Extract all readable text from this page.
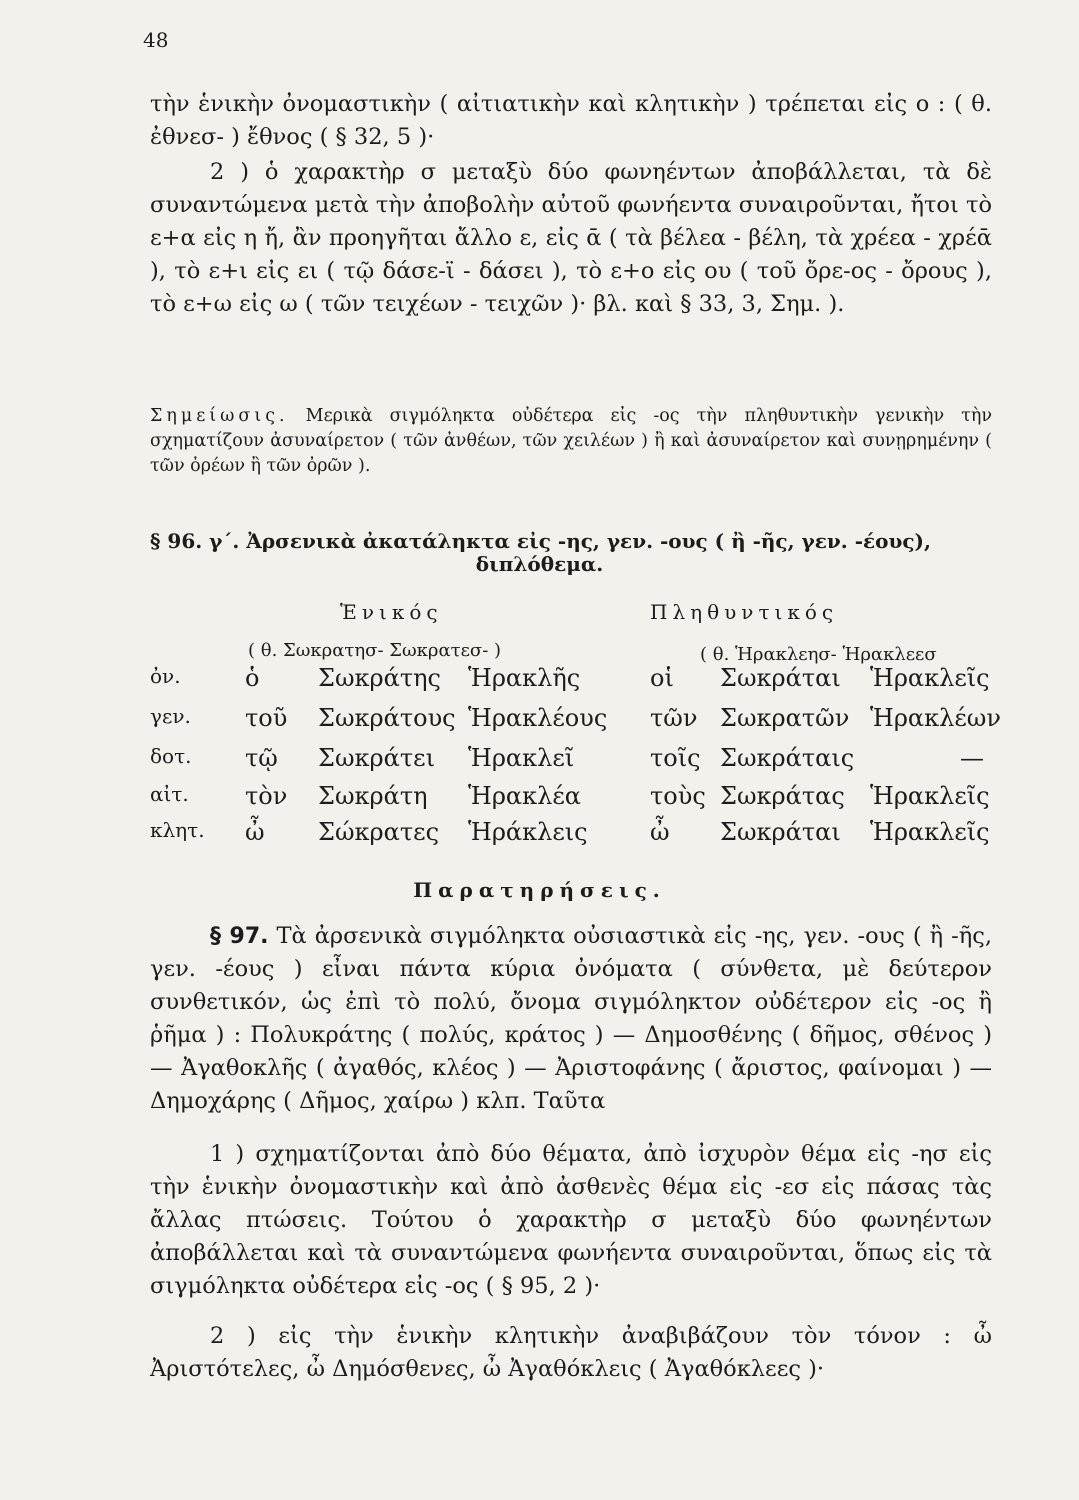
48
τὴν ἑνικὴν ὀνομαστικὴν ( αἰτιατικὴν καὶ κλητικὴν ) τρέπεται εἰς ο : ( θ. ἐθνεσ- ) ἔθνος ( § 32, 5 )·
2 ) ὁ χαρακτὴρ σ μεταξὺ δύο φωνηέντων ἀποβάλλεται, τὰ δὲ συναντώμενα μετὰ τὴν ἀποβολὴν αὐτοῦ φωνήεντα συναιροῦνται, ἤτοι τὸ ε+α εἰς η ἤ, ἂν προηγῆται ἄλλο ε, εἰς ᾱ ( τὰ βέλεα - βέλη, τὰ χρέεα - χρέᾱ ), τὸ ε+ι εἰς ει ( τῷ δάσε-ϊ - δάσει ), τὸ ε+ο εἰς ου ( τοῦ ὄρε-ος - ὄρους ), τὸ ε+ω εἰς ω ( τῶν τειχέων - τειχῶν )· βλ. καὶ § 33, 3, Σημ. ).
Σημείωσις. Μερικὰ σιγμόληκτα οὐδέτερα εἰς -ος τὴν πληθυντικὴν γενικὴν τὴν σχηματίζουν ἀσυναίρετον ( τῶν ἀνθέων, τῶν χειλέων ) ἢ καὶ ἀσυναίρετον καὶ συνῃρημένην ( τῶν ὀρέων ἢ τῶν ὀρῶν ).
§ 96. γ΄. Ἀρσενικὰ ἀκατάληκτα εἰς -ης, γεν. -ους ( ἢ -ῆς, γεν. -έους),
διπλόθεμα.
Ἑνικός	Πληθυντικός
( θ. Σωκρατησ- Σωκρατεσ- )	( θ. Ἡρακλεησ- Ἡρακλεεσ
ὀν.	ὁ Σωκράτης Ἡρακλῆς	οἱ Σωκράται Ἡρακλεῖς
γεν. τοῦ Σωκράτους Ἡρακλέους τῶν Σωκρατῶν Ἡρακλέων
δοτ. τῷ Σωκράτει Ἡρακλεῖ	τοῖς Σωκράταις	—
αἰτ. τὸν Σωκράτη Ἡρακλέα	τοὺς Σωκράτας Ἡρακλεῖς
κλητ. ὦ Σώκρατες Ἡράκλεις	ὦ Σωκράται Ἡρακλεῖς
Παρατηρήσεις.
§ 97. Τὰ ἀρσενικὰ σιγμόληκτα οὐσιαστικὰ εἰς -ης, γεν. -ους ( ἢ -ῆς, γεν. -έους ) εἶναι πάντα κύρια ὀνόματα ( σύνθετα, μὲ δεύτερον συνθετικόν, ὡς ἐπὶ τὸ πολύ, ὄνομα σιγμόληκτον οὐδέτερον εἰς -ος ἢ ῥῆμα ) : Πολυκράτης ( πολύς, κράτος ) — Δημοσθένης ( δῆμος, σθένος ) — Ἀγαθοκλῆς ( ἀγαθός, κλέος ) — Ἀριστοφάνης ( ἄριστος, φαίνομαι ) — Δημοχάρης ( Δῆμος, χαίρω ) κλπ. Ταῦτα
1 ) σχηματίζονται ἀπὸ δύο θέματα, ἀπὸ ἰσχυρὸν θέμα εἰς -ησ εἰς τὴν ἑνικὴν ὀνομαστικὴν καὶ ἀπὸ ἀσθενὲς θέμα εἰς -εσ εἰς πάσας τὰς ἄλλας πτώσεις. Τούτου ὁ χαρακτὴρ σ μεταξὺ δύο φωνηέντων ἀποβάλλεται καὶ τὰ συναντώμενα φωνήεντα συναιροῦνται, ὅπως εἰς τὰ σιγμόληκτα οὐδέτερα εἰς -ος ( § 95, 2 )·
2 ) εἰς τὴν ἑνικὴν κλητικὴν ἀναβιβάζουν τὸν τόνον : ὦ Ἀριστότελες, ὦ Δημόσθενες, ὦ Ἀγαθόκλεις ( Ἀγαθόκλεες )·
